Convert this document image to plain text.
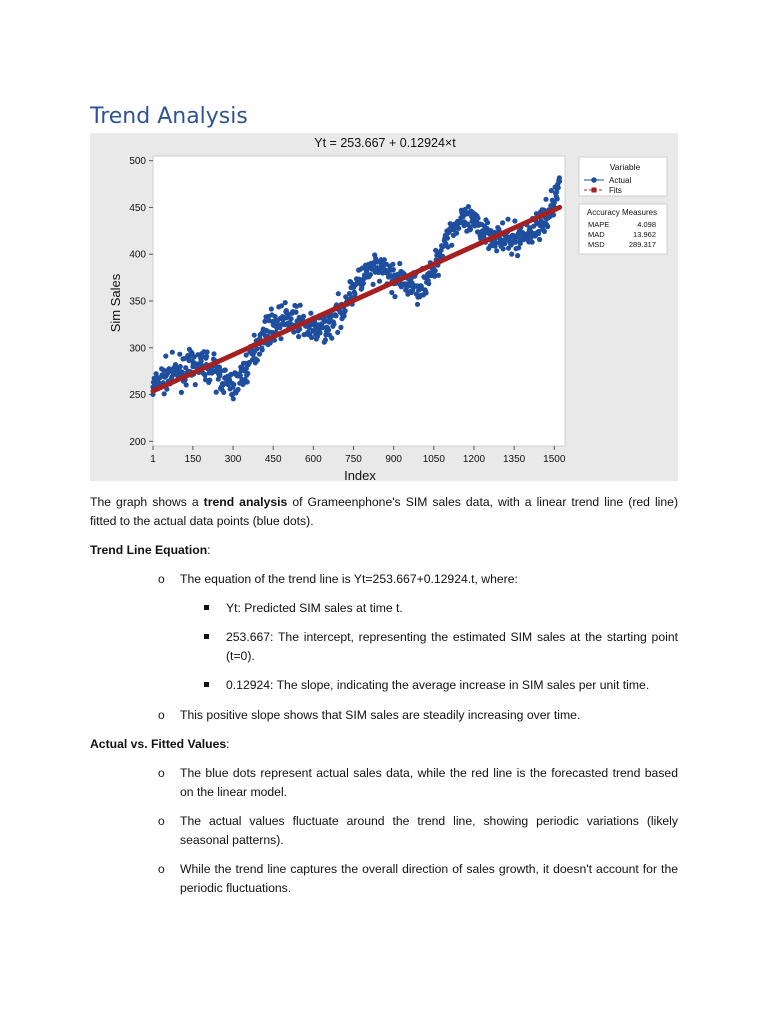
Trend Analysis
Yt = 253.667 + 0.12924×t
Sim Sales
Index
1	150 300 450 600 750 900 1050 1200 1350 1500
200
250
300
350
400
450
500	Variable
Actual
Fits
Accuracy Measures
MAPE	4.098
MAD	13.962
MSD	289.317
The graph shows a trend analysis of Grameenphone's SIM sales data, with a linear trend line (red line) fitted to the actual data points (blue dots).
Trend Line Equation:
o The equation of the trend line is Yt=253.667+0.12924.t, where:
Yt: Predicted SIM sales at time t.
253.667: The intercept, representing the estimated SIM sales at the starting point (t=0).
0.12924: The slope, indicating the average increase in SIM sales per unit time.
o This positive slope shows that SIM sales are steadily increasing over time.
Actual vs. Fitted Values:
o The blue dots represent actual sales data, while the red line is the forecasted trend based on the linear model.
o The actual values fluctuate around the trend line, showing periodic variations (likely seasonal patterns).
o While the trend line captures the overall direction of sales growth, it doesn't account for the periodic fluctuations.
